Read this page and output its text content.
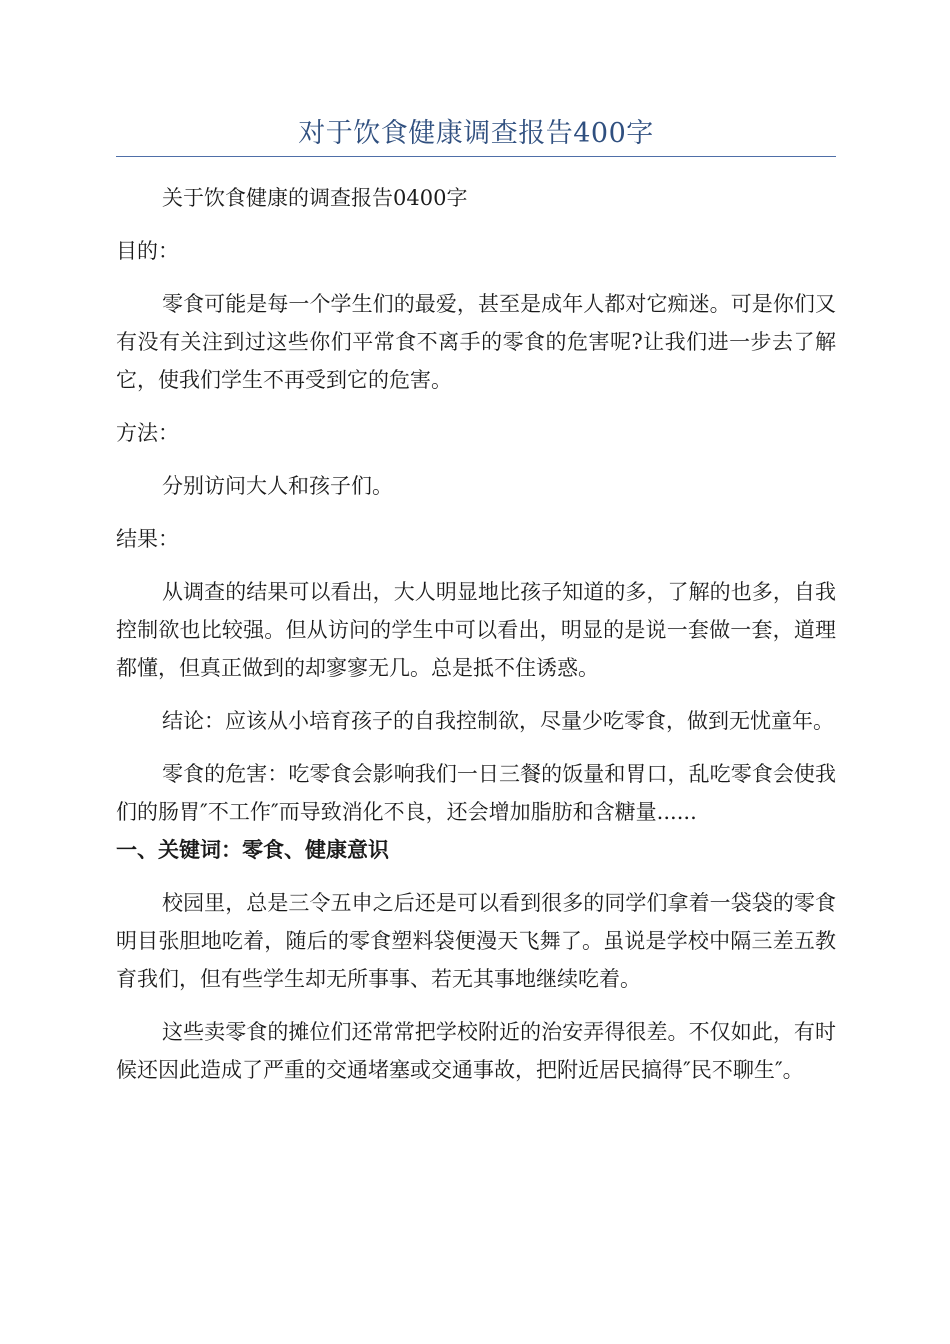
对于饮食健康调查报告400字

关于饮食健康的调查报告0400字

目的：

零食可能是每一个学生们的最爱，甚至是成年人都对它痴迷。可是你们又有没有关注到过这些你们平常食不离手的零食的危害呢?让我们进一步去了解它，使我们学生不再受到它的危害。

方法：

分别访问大人和孩子们。

结果：

从调查的结果可以看出，大人明显地比孩子知道的多，了解的也多，自我控制欲也比较强。但从访问的学生中可以看出，明显的是说一套做一套，道理都懂，但真正做到的却寥寥无几。总是抵不住诱惑。

结论：应该从小培育孩子的自我控制欲，尽量少吃零食，做到无忧童年。

零食的危害：吃零食会影响我们一日三餐的饭量和胃口，乱吃零食会使我们的肠胃″不工作″而导致消化不良，还会增加脂肪和含糖量......

一、关键词：零食、健康意识

校园里，总是三令五申之后还是可以看到很多的同学们拿着一袋袋的零食明目张胆地吃着，随后的零食塑料袋便漫天飞舞了。虽说是学校中隔三差五教育我们，但有些学生却无所事事、若无其事地继续吃着。

这些卖零食的摊位们还常常把学校附近的治安弄得很差。不仅如此，有时候还因此造成了严重的交通堵塞或交通事故，把附近居民搞得″民不聊生″。
